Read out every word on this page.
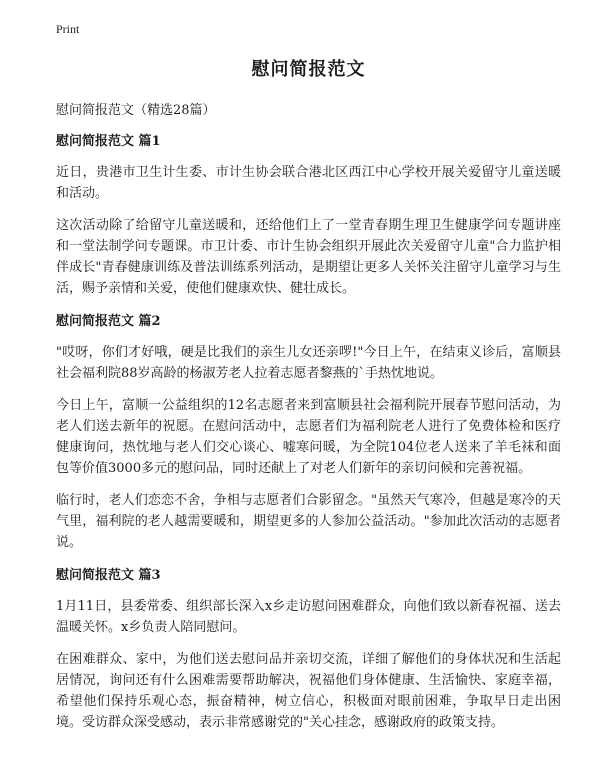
Print
慰问简报范文

慰问简报范文（精选28篇）

慰问简报范文 篇1

近日，贵港市卫生计生委、市计生协会联合港北区西江中心学校开展关爱留守儿童送暖和活动。

这次活动除了给留守儿童送暖和，还给他们上了一堂青春期生理卫生健康学问专题讲座和一堂法制学问专题课。市卫计委、市计生协会组织开展此次关爱留守儿童"合力监护相伴成长"青春健康训练及普法训练系列活动，是期望让更多人关怀关注留守儿童学习与生活，赐予亲情和关爱，使他们健康欢快、健壮成长。

慰问简报范文 篇2

"哎呀，你们才好哦，硬是比我们的亲生儿女还亲啰!"今日上午，在结束义诊后，富顺县社会福利院88岁高龄的杨淑芳老人拉着志愿者黎燕的`手热忱地说。

今日上午，富顺一公益组织的12名志愿者来到富顺县社会福利院开展春节慰问活动，为老人们送去新年的祝愿。在慰问活动中，志愿者们为福利院老人进行了免费体检和医疗健康询问，热忱地与老人们交心谈心、嘘寒问暖，为全院104位老人送来了羊毛袜和面包等价值3000多元的慰问品，同时还献上了对老人们新年的亲切问候和完善祝福。

临行时，老人们恋恋不舍，争相与志愿者们合影留念。"虽然天气寒冷，但越是寒冷的天气里，福利院的老人越需要暖和，期望更多的人参加公益活动。"参加此次活动的志愿者说。

慰问简报范文 篇3

1月11日，县委常委、组织部长深入x乡走访慰问困难群众，向他们致以新春祝福、送去温暖关怀。x乡负责人陪同慰问。

在困难群众、家中，为他们送去慰问品并亲切交流，详细了解他们的身体状况和生活起居情况，询问还有什么困难需要帮助解决，祝福他们身体健康、生活愉快、家庭幸福，希望他们保持乐观心态，振奋精神，树立信心，积极面对眼前困难，争取早日走出困境。受访群众深受感动，表示非常感谢党的"关心挂念，感谢政府的政策支持。
